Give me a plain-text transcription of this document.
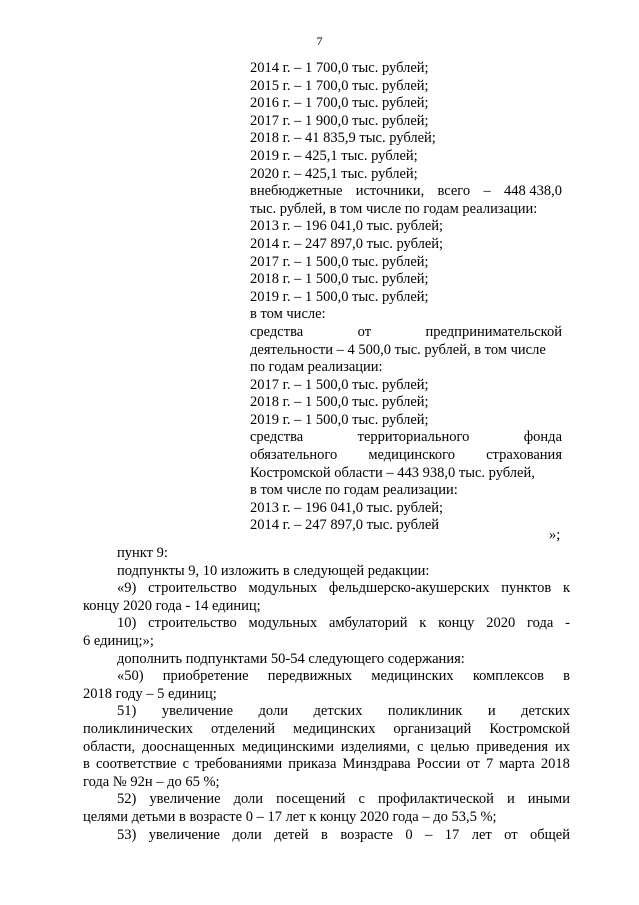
7
2014 г. – 1 700,0 тыс. рублей;
2015 г. – 1 700,0 тыс. рублей;
2016 г. – 1 700,0 тыс. рублей;
2017 г. – 1 900,0 тыс. рублей;
2018 г. – 41 835,9 тыс. рублей;
2019 г. – 425,1 тыс. рублей;
2020 г. – 425,1 тыс. рублей;
внебюджетные источники, всего – 448 438,0
тыс. рублей, в том числе по годам реализации:
2013 г. – 196 041,0 тыс. рублей;
2014 г. – 247 897,0 тыс. рублей;
2017 г. – 1 500,0 тыс. рублей;
2018 г. – 1 500,0 тыс. рублей;
2019 г. – 1 500,0 тыс. рублей;
в том числе:
средства	от	предпринимательской
деятельности – 4 500,0 тыс. рублей, в том числе
по годам реализации:
2017 г. – 1 500,0 тыс. рублей;
2018 г. – 1 500,0 тыс. рублей;
2019 г. – 1 500,0 тыс. рублей;
средства	территориального	фонда
обязательного медицинского страхования
Костромской области – 443 938,0 тыс. рублей,
в том числе по годам реализации:
2013 г. – 196 041,0 тыс. рублей;
2014 г. – 247 897,0 тыс. рублей
»;
пункт 9:
подпункты 9, 10 изложить в следующей редакции:
«9) строительство модульных фельдшерско-акушерских пунктов к
концу 2020 года - 14 единиц;
10) строительство модульных амбулаторий к концу 2020 года -
6 единиц;»;
дополнить подпунктами 50-54 следующего содержания:
«50) приобретение передвижных медицинских комплексов в
2018 году – 5 единиц;
51) увеличение доли детских поликлиник и детских
поликлинических отделений медицинских организаций Костромской
области, дооснащенных медицинскими изделиями, с целью приведения их
в соответствие с требованиями приказа Минздрава России от 7 марта 2018
года № 92н – до 65 %;
52) увеличение доли посещений с профилактической и иными
целями детьми в возрасте 0 – 17 лет к концу 2020 года – до 53,5 %;
53) увеличение доли детей в возрасте 0 – 17 лет от общей
